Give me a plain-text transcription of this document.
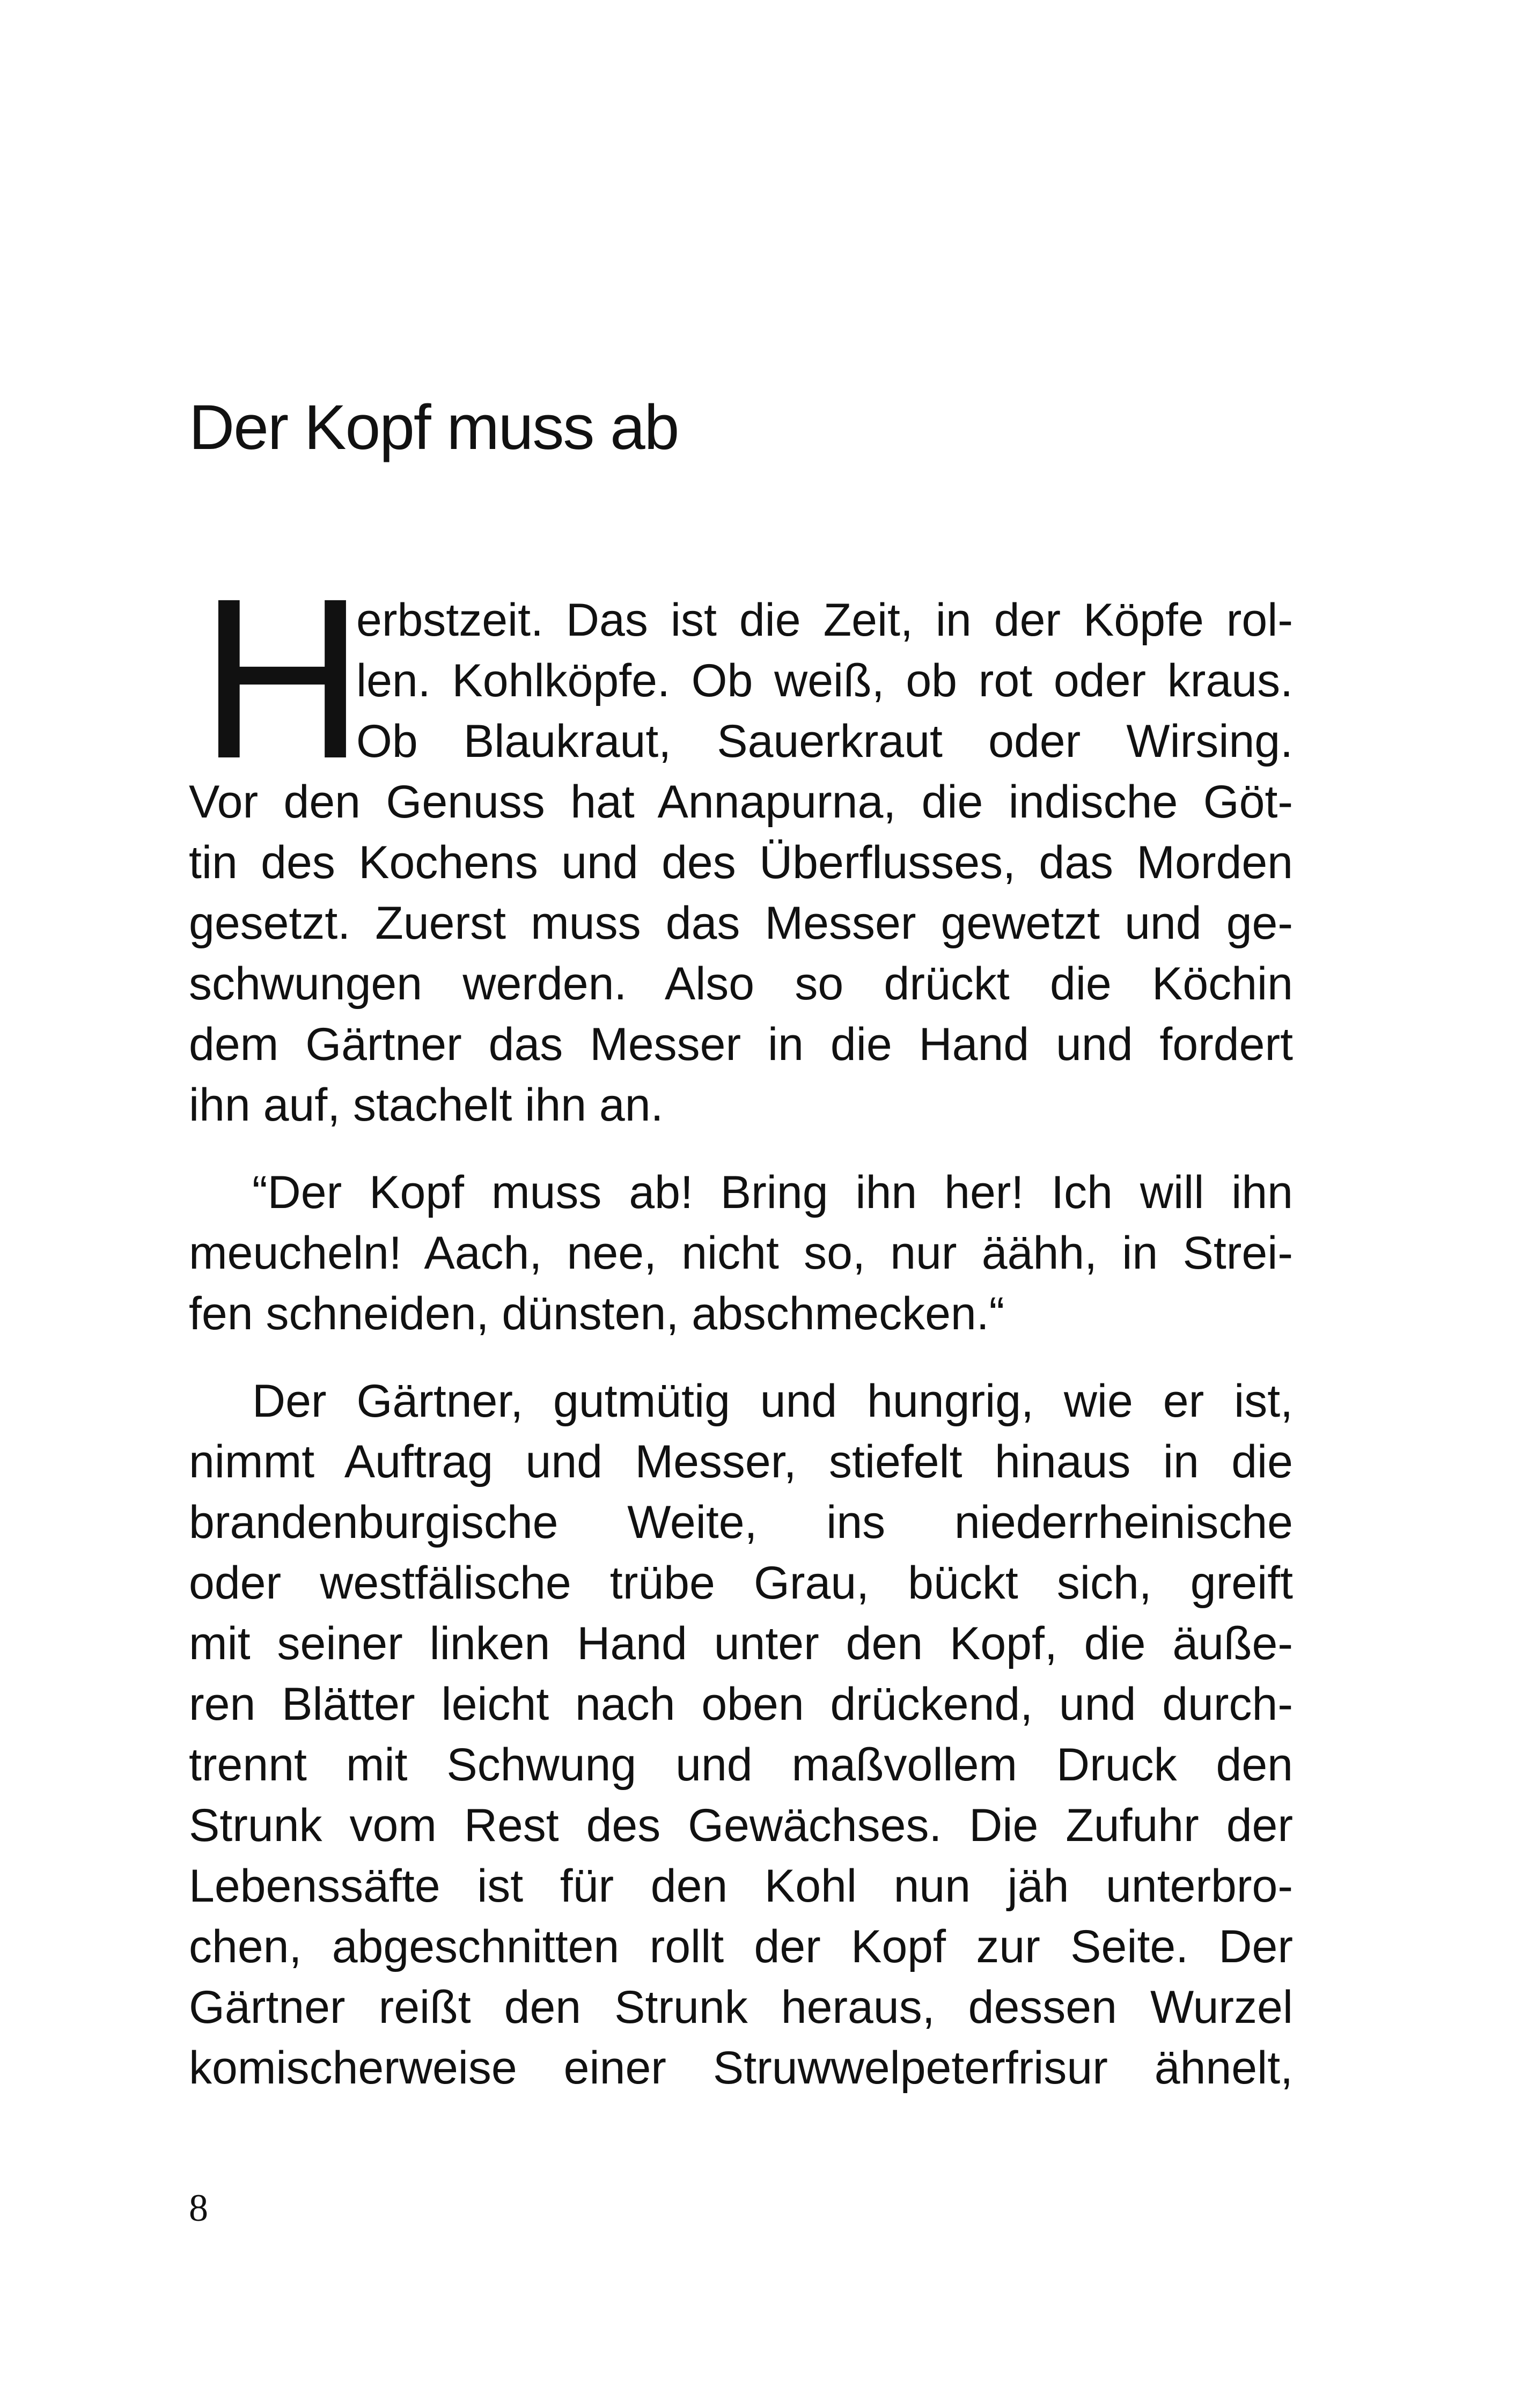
Der Kopf muss ab
H
erbstzeit. Das ist die Zeit, in der Köpfe rol-
len. Kohlköpfe. Ob weiß, ob rot oder kraus.
Ob Blaukraut, Sauerkraut oder Wirsing.
Vor den Genuss hat Annapurna, die indische Göt-
tin des Kochens und des Überflusses, das Morden
gesetzt. Zuerst muss das Messer gewetzt und ge-
schwungen werden. Also so drückt die Köchin
dem Gärtner das Messer in die Hand und fordert
ihn auf, stachelt ihn an.
“Der Kopf muss ab! Bring ihn her! Ich will ihn
meucheln! Aach, nee, nicht so, nur äähh, in Strei-
fen schneiden, dünsten, abschmecken.“
Der Gärtner, gutmütig und hungrig, wie er ist,
nimmt Auftrag und Messer, stiefelt hinaus in die
brandenburgische Weite, ins niederrheinische
oder westfälische trübe Grau, bückt sich, greift
mit seiner linken Hand unter den Kopf, die äuße-
ren Blätter leicht nach oben drückend, und durch-
trennt mit Schwung und maßvollem Druck den
Strunk vom Rest des Gewächses. Die Zufuhr der
Lebenssäfte ist für den Kohl nun jäh unterbro-
chen, abgeschnitten rollt der Kopf zur Seite. Der
Gärtner reißt den Strunk heraus, dessen Wurzel
komischerweise einer Struwwelpeterfrisur ähnelt,
8
